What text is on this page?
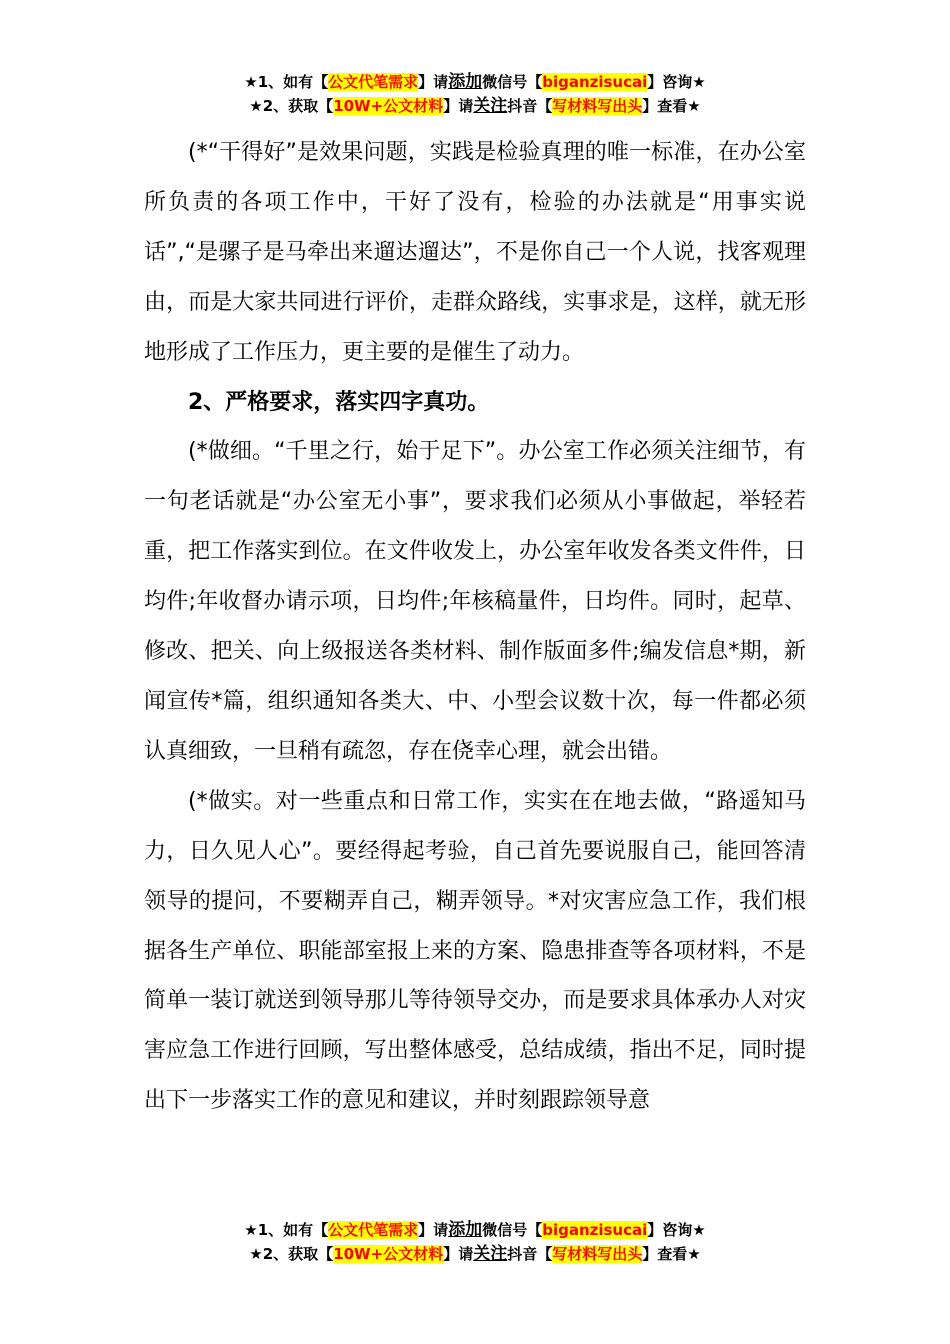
★1、如有【公文代笔需求】请添加微信号【biganzisucai】咨询★
★2、获取【10W+公文材料】请关注抖音【写材料写出头】查看★

(*“干得好”是效果问题，实践是检验真理的唯一标准，在办公室所负责的各项工作中，干好了没有，检验的办法就是“用事实说话”,“是骡子是马牵出来遛达遛达”，不是你自己一个人说，找客观理由，而是大家共同进行评价，走群众路线，实事求是，这样，就无形地形成了工作压力，更主要的是催生了动力。

2、严格要求，落实四字真功。

(*做细。“千里之行，始于足下”。办公室工作必须关注细节，有一句老话就是“办公室无小事”，要求我们必须从小事做起，举轻若重，把工作落实到位。在文件收发上，办公室年收发各类文件件，日均件;年收督办请示项，日均件;年核稿量件，日均件。同时，起草、修改、把关、向上级报送各类材料、制作版面多件;编发信息*期，新闻宣传*篇，组织通知各类大、中、小型会议数十次，每一件都必须认真细致，一旦稍有疏忽，存在侥幸心理，就会出错。

(*做实。对一些重点和日常工作，实实在在地去做，“路遥知马力，日久见人心”。要经得起考验，自己首先要说服自己，能回答清领导的提问，不要糊弄自己，糊弄领导。*对灾害应急工作，我们根据各生产单位、职能部室报上来的方案、隐患排查等各项材料，不是简单一装订就送到领导那儿等待领导交办，而是要求具体承办人对灾害应急工作进行回顾，写出整体感受，总结成绩，指出不足，同时提出下一步落实工作的意见和建议，并时刻跟踪领导意

★1、如有【公文代笔需求】请添加微信号【biganzisucai】咨询★
★2、获取【10W+公文材料】请关注抖音【写材料写出头】查看★
